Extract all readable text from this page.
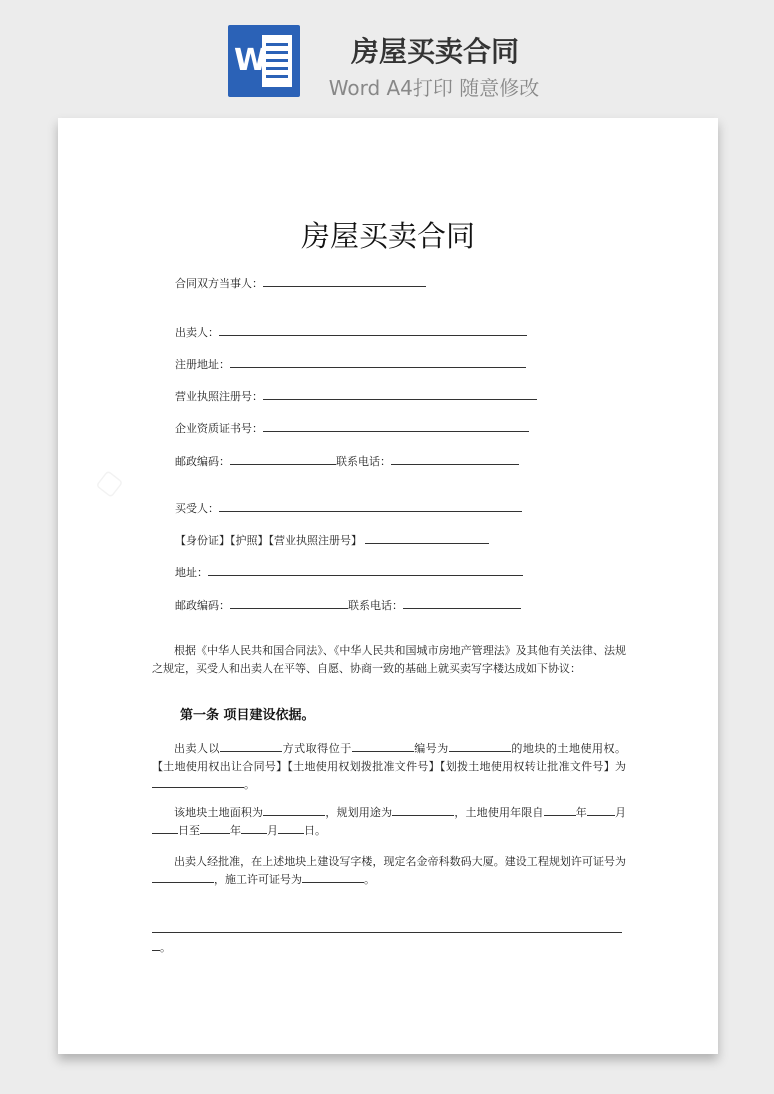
W	房屋买卖合同
Word A4打印 随意修改
▢
房屋买卖合同
合同双方当事人：
出卖人：
注册地址：
营业执照注册号：
企业资质证书号：
邮政编码：	联系电话：
买受人：
【身份证】【护照】【营业执照注册号】
地址：
邮政编码：	联系电话：
根据《中华人民共和国合同法》、《中华人民共和国城市房地产管理法》及其他有关法律、法规之规定，买受人和出卖人在平等、自愿、协商一致的基础上就买卖写字楼达成如下协议：
第一条 项目建设依据。
出卖人以	方式取得位于	编号为	的地块的土地使用权。【土地使用权出让合同号】【土地使用权划拨批准文件号】【划拨土地使用权转让批准文件号】为。
该地块土地面积为	，规划用途为	，土地使用年限自	年	月日至	年 月 日。
出卖人经批准，在上述地块上建设写字楼，现定名金帝科数码大厦。建设工程规划许可证号为，施工许可证号为	。

。
